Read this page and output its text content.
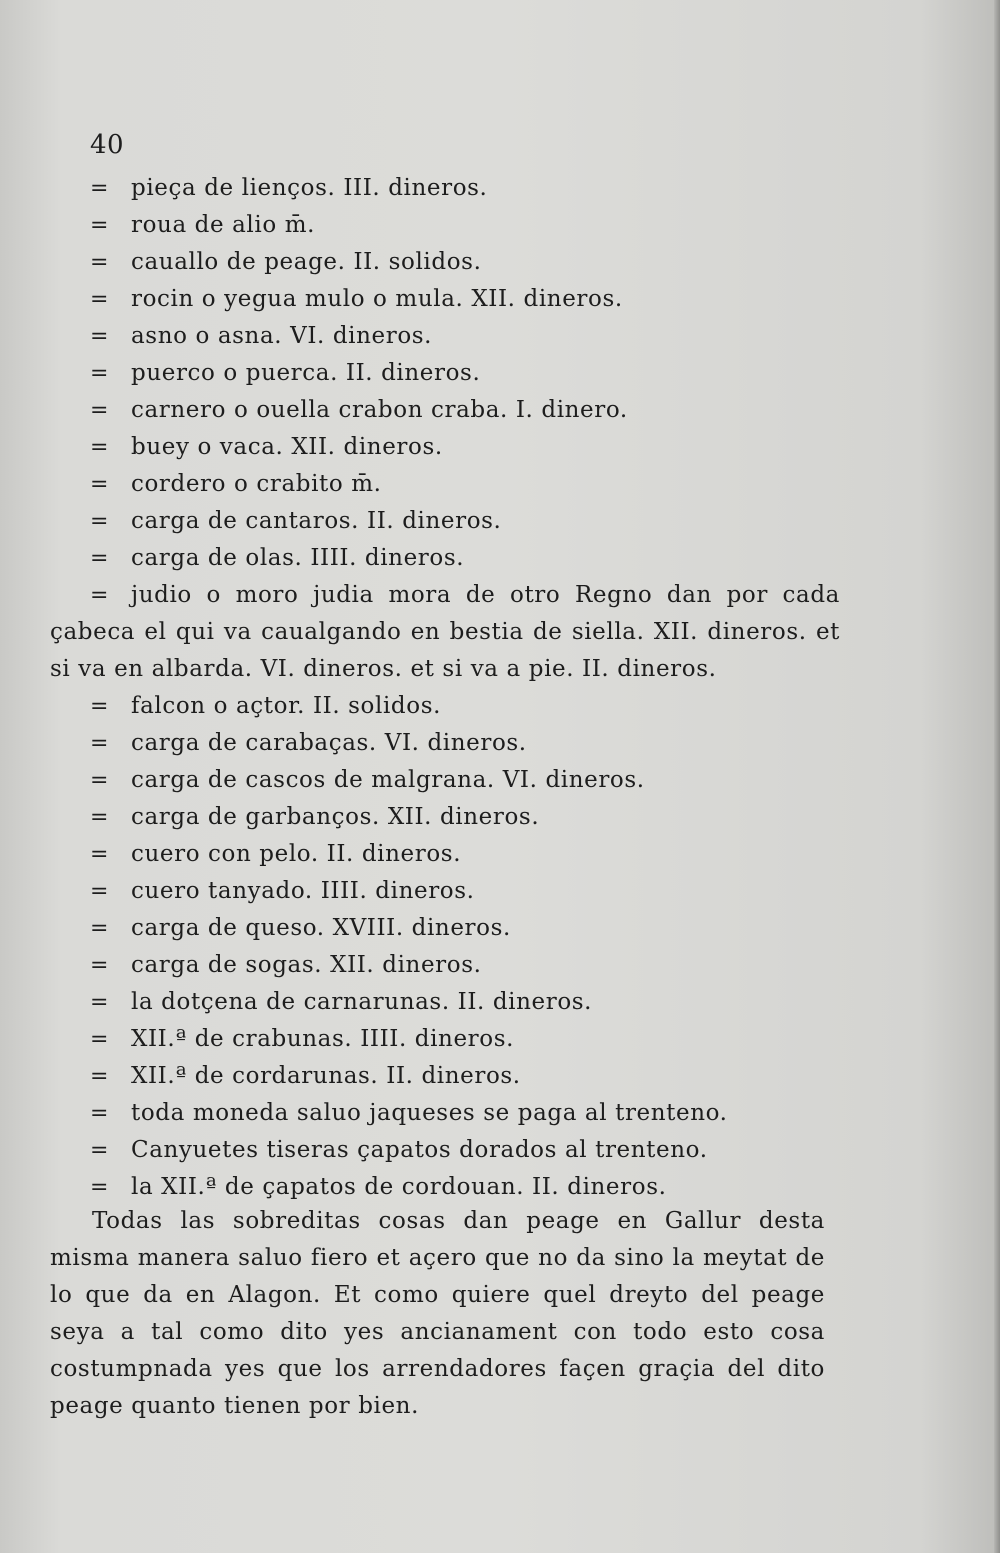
40
= pieça de lienços. III. dineros.
= roua de alio m̄.
= cauallo de peage. II. solidos.
= rocin o yegua mulo o mula. XII. dineros.
= asno o asna. VI. dineros.
= puerco o puerca. II. dineros.
= carnero o ouella crabon craba. I. dinero.
= buey o vaca. XII. dineros.
= cordero o crabito m̄.
= carga de cantaros. II. dineros.
= carga de olas. IIII. dineros.
= judio o moro judia mora de otro Regno dan por cada çabeca el qui va caualgando en bestia de siella. XII. dineros. et si va en albarda. VI. dineros. et si va a pie. II. dineros.
= falcon o açtor. II. solidos.
= carga de carabaças. VI. dineros.
= carga de cascos de malgrana. VI. dineros.
= carga de garbanços. XII. dineros.
= cuero con pelo. II. dineros.
= cuero tanyado. IIII. dineros.
= carga de queso. XVIII. dineros.
= carga de sogas. XII. dineros.
= la dotçena de carnarunas. II. dineros.
= XII.ª de crabunas. IIII. dineros.
= XII.ª de cordarunas. II. dineros.
= toda moneda saluo jaqueses se paga al trenteno.
= Canyuetes tiseras çapatos dorados al trenteno.
= la XII.ª de çapatos de cordouan. II. dineros.

Todas las sobreditas cosas dan peage en Gallur desta misma manera saluo fiero et açero que no da sino la meytat de lo que da en Alagon. Et como quiere quel dreyto del peage seya a tal como dito yes ancianament con todo esto cosa costumpnada yes que los arrendadores façen graçia del dito peage quanto tienen por bien.
